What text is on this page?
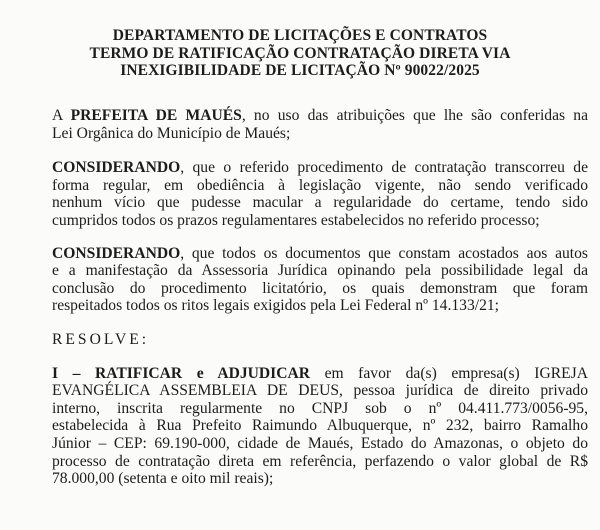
DEPARTAMENTO DE LICITAÇÕES E CONTRATOS
TERMO DE RATIFICAÇÃO CONTRATAÇÃO DIRETA VIA
INEXIGIBILIDADE DE LICITAÇÃO Nº 90022/2025
A PREFEITA DE MAUÉS, no uso das atribuições que lhe são conferidas na
Lei Orgânica do Município de Maués;
CONSIDERANDO, que o referido procedimento de contratação transcorreu de
forma regular, em obediência à legislação vigente, não sendo verificado
nenhum vício que pudesse macular a regularidade do certame, tendo sido
cumpridos todos os prazos regulamentares estabelecidos no referido processo;
CONSIDERANDO, que todos os documentos que constam acostados aos autos
e a manifestação da Assessoria Jurídica opinando pela possibilidade legal da
conclusão do procedimento licitatório, os quais demonstram que foram
respeitados todos os ritos legais exigidos pela Lei Federal nº 14.133/21;
RESOLVE:
I – RATIFICAR e ADJUDICAR em favor da(s) empresa(s) IGREJA
EVANGÉLICA ASSEMBLEIA DE DEUS, pessoa jurídica de direito privado
interno, inscrita regularmente no CNPJ sob o nº 04.411.773/0056-95,
estabelecida à Rua Prefeito Raimundo Albuquerque, nº 232, bairro Ramalho
Júnior – CEP: 69.190-000, cidade de Maués, Estado do Amazonas, o objeto do
processo de contratação direta em referência, perfazendo o valor global de R$
78.000,00 (setenta e oito mil reais);
